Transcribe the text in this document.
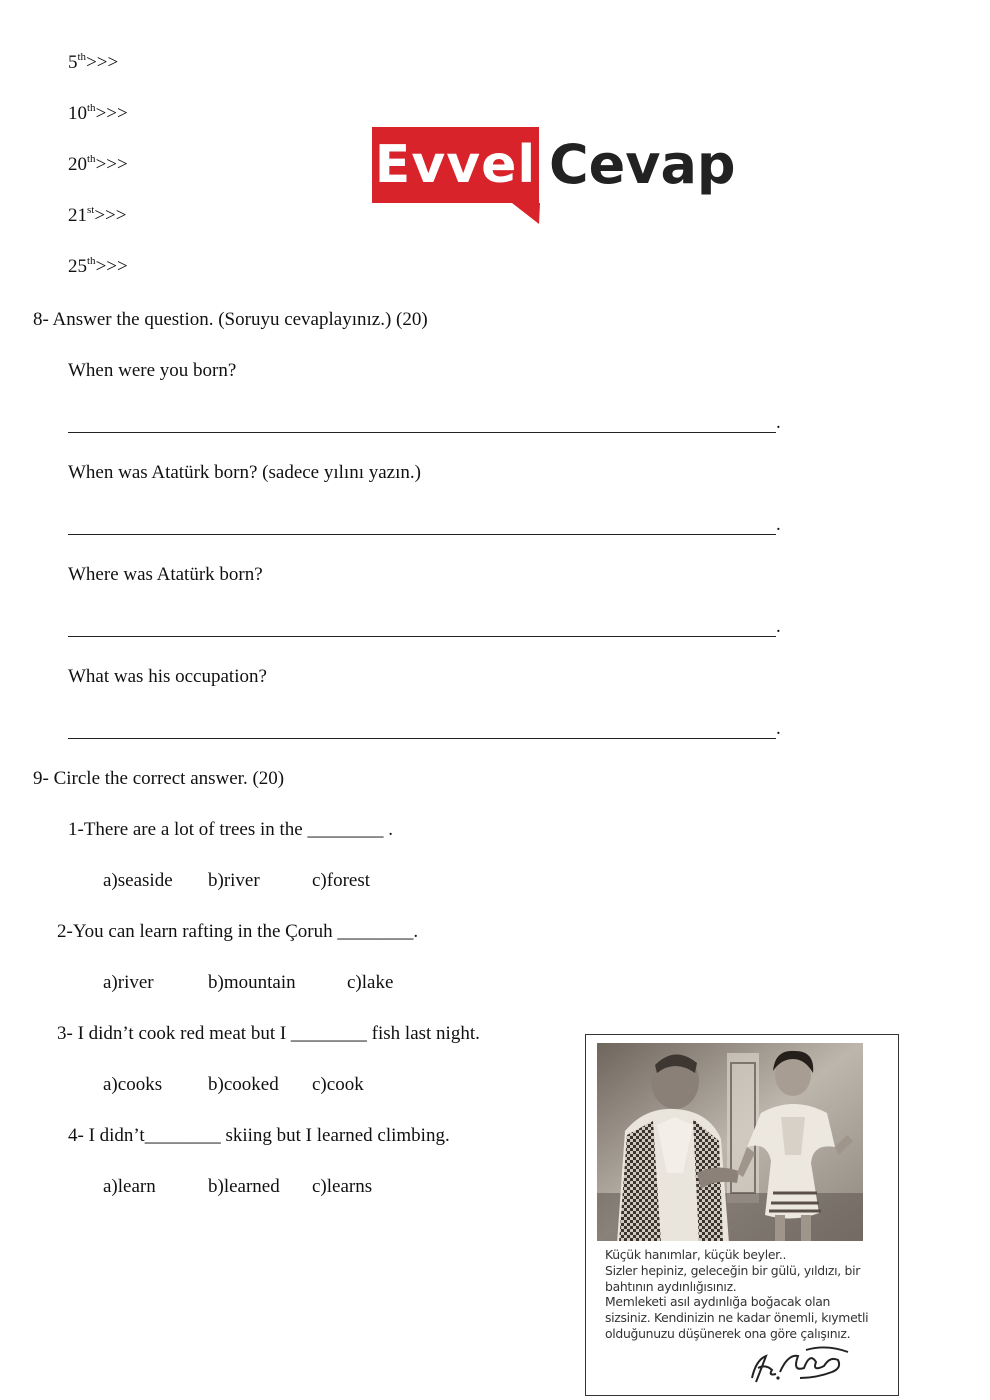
5th>>>
10th>>>
20th>>>
21st>>>
25th>>>
Evvel Cevap
8- Answer the question. (Soruyu cevaplayınız.) (20)
When were you born?
.
When was Atatürk born? (sadece yılını yazın.)
.
Where was Atatürk born?
.
What was his occupation?
.
9- Circle the correct answer. (20)
1-There are a lot of trees in the ________ .
a)seaside b)river	c)forest
2-You can learn rafting in the Çoruh ________.
a)river	b)mountain	c)lake
3- I didn’t cook red meat but I ________ fish last night.
a)cooks b)cooked c)cook
4- I didn’t________ skiing but I learned climbing.
a)learn	b)learned c)learns
Küçük hanımlar, küçük beyler..
Sizler hepiniz, geleceğin bir gülü, yıldızı, bir
bahtının aydınlığısınız.
Memleketi asıl aydınlığa boğacak olan
sizsiniz. Kendinizin ne kadar önemli, kıymetli
olduğunuzu düşünerek ona göre çalışınız.
